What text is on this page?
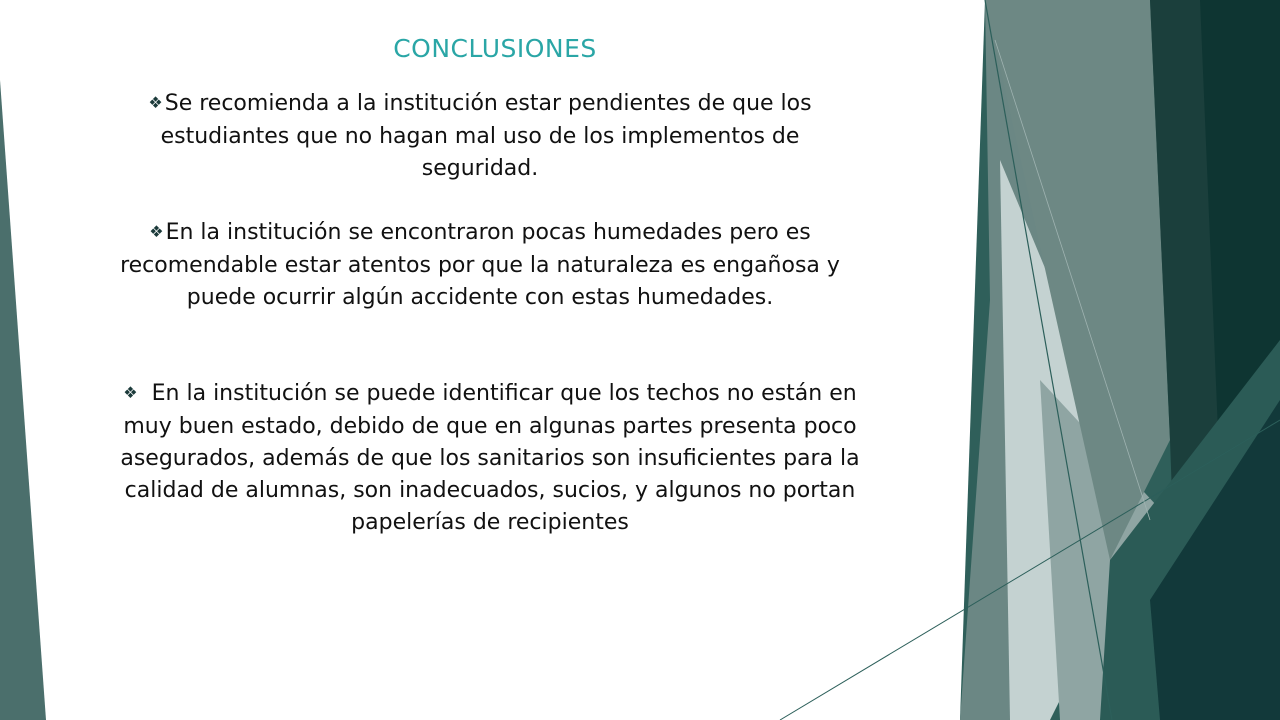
CONCLUSIONES
❖Se recomienda a la institución estar pendientes de que los estudiantes que no hagan mal uso de los implementos de seguridad.
❖En la institución se encontraron pocas humedades pero es recomendable estar atentos por que la naturaleza es engañosa y puede ocurrir algún accidente con estas humedades.
❖ En la institución se puede identificar que los techos no están en muy buen estado, debido de que en algunas partes presenta poco asegurados, además de que los sanitarios son insuficientes para la calidad de alumnas, son inadecuados, sucios, y algunos no portan papelerías de recipientes
